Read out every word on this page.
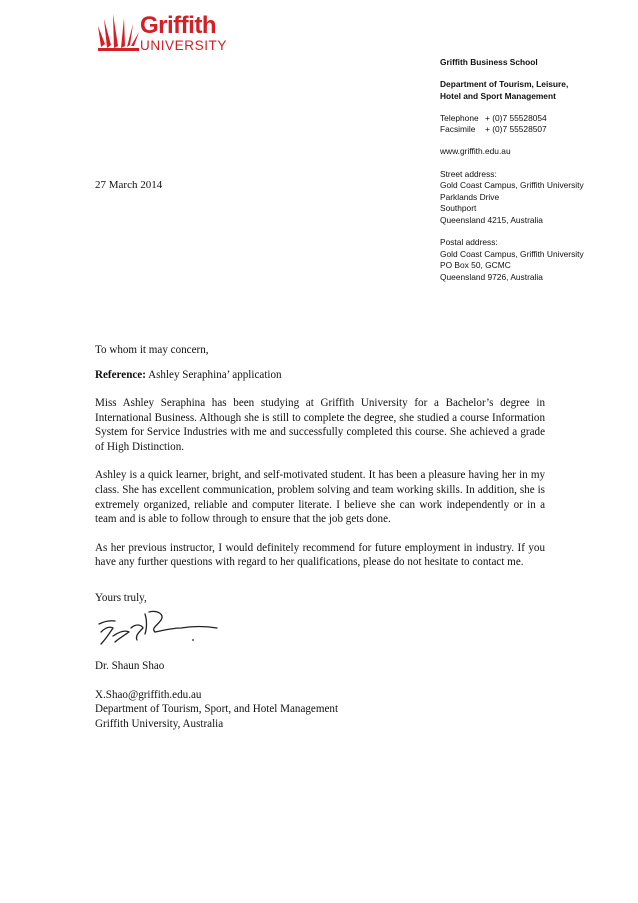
Griffith
UNIVERSITY
Griffith Business School
Department of Tourism, Leisure,
Hotel and Sport Management
Telephone + (0)7 55528054
Facsimile	+ (0)7 55528507
www.griffith.edu.au
Street address:
Gold Coast Campus, Griffith University
Parklands Drive
Southport
Queensland 4215, Australia
Postal address:
Gold Coast Campus, Griffith University
PO Box 50, GCMC
Queensland 9726, Australia
27 March 2014

To whom it may concern,

Reference: Ashley Seraphina’ application

Miss Ashley Seraphina has been studying at Griffith University for a Bachelor’s degree in International Business. Although she is still to complete the degree, she studied a course Information System for Service Industries with me and successfully completed this course. She achieved a grade of High Distinction.

Ashley is a quick learner, bright, and self-motivated student. It has been a pleasure having her in my class. She has excellent communication, problem solving and team working skills. In addition, she is extremely organized, reliable and computer literate. I believe she can work independently or in a team and is able to follow through to ensure that the job gets done.

As her previous instructor, I would definitely recommend for future employment in industry. If you have any further questions with regard to her qualifications, please do not hesitate to contact me.

Yours truly,

Dr. Shaun Shao

X.Shao@griffith.edu.au

Department of Tourism, Sport, and Hotel Management

Griffith University, Australia
